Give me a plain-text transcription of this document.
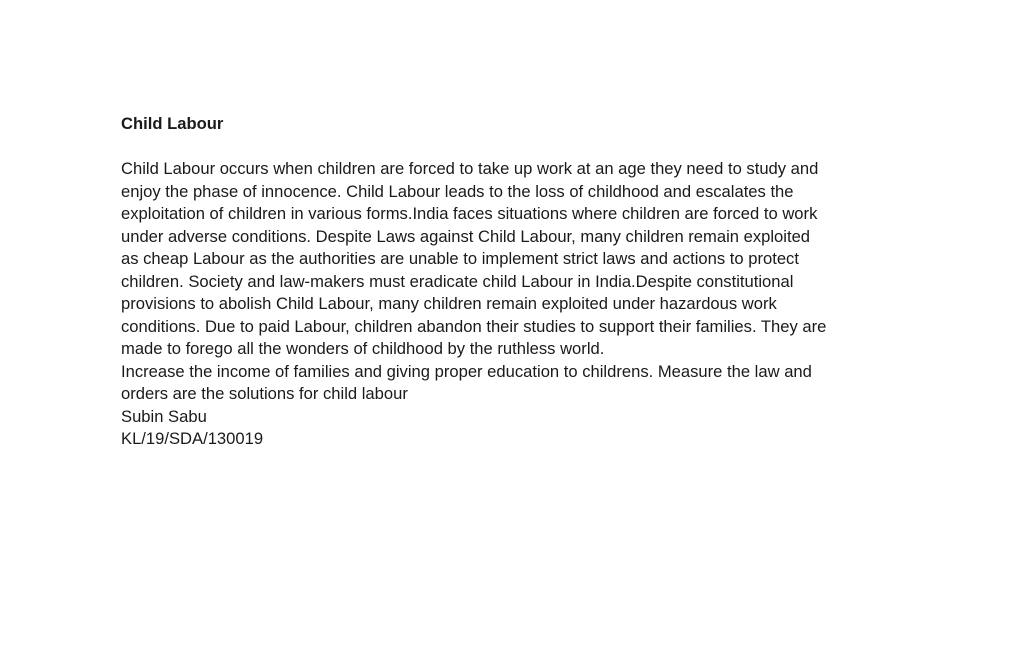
Child Labour
Child Labour occurs when children are forced to take up work at an age they need to study and
enjoy the phase of innocence. Child Labour leads to the loss of childhood and escalates the
exploitation of children in various forms.India faces situations where children are forced to work
under adverse conditions. Despite Laws against Child Labour, many children remain exploited
as cheap Labour as the authorities are unable to implement strict laws and actions to protect
children. Society and law-makers must eradicate child Labour in India.Despite constitutional
provisions to abolish Child Labour, many children remain exploited under hazardous work
conditions. Due to paid Labour, children abandon their studies to support their families. They are
made to forego all the wonders of childhood by the ruthless world.
Increase the income of families and giving proper education to childrens. Measure the law and
orders are the solutions for child labour
Subin Sabu
KL/19/SDA/130019
